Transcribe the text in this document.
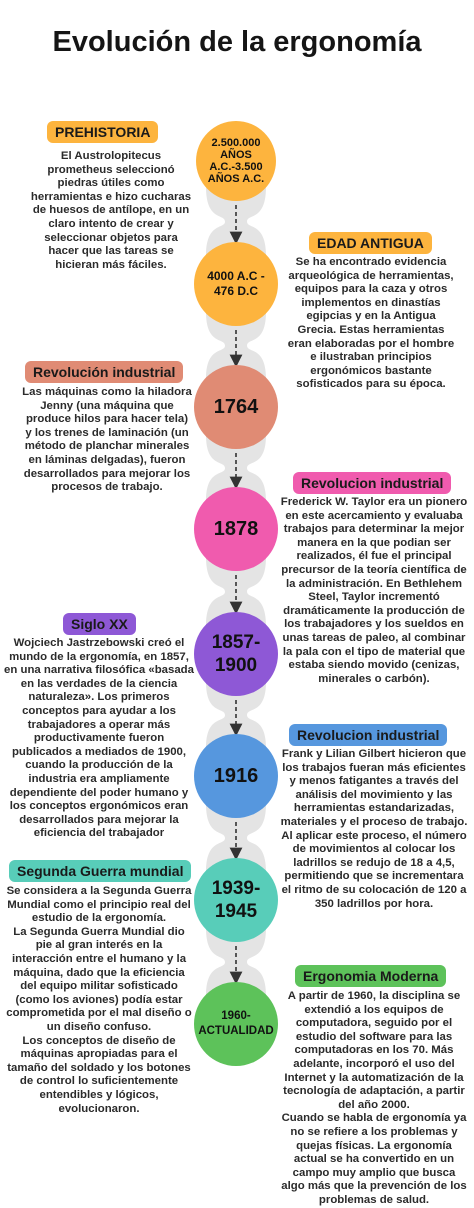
Evolución de la ergonomía
2.500.000 AÑOS A.C.-3.500 AÑOS A.C.
4000 A.C - 476 D.C
1764
1878
1857-1900
1916
1939-1945
1960-ACTUALIDAD
PREHISTORIA

El Austrolopitecus prometheus seleccionó piedras útiles como herramientas e hizo cucharas de huesos de antílope, en un claro intento de crear y seleccionar objetos para hacer que las tareas se hicieran más fáciles.

Revolución industrial

Las máquinas como la hiladora Jenny (una máquina que produce hilos para hacer tela) y los trenes de laminación (un método de planchar minerales en láminas delgadas), fueron desarrollados para mejorar los procesos de trabajo.

Siglo XX

Wojciech Jastrzebowski creó el mundo de la ergonomía, en 1857, en una narrativa filosófica «basada en las verdades de la ciencia naturaleza». Los primeros conceptos para ayudar a los trabajadores a operar más productivamente fueron publicados a mediados de 1900, cuando la producción de la industria era ampliamente dependiente del poder humano y los conceptos ergonómicos eran desarrollados para mejorar la eficiencia del trabajador

Segunda Guerra mundial

Se considera a la Segunda Guerra Mundial como el principio real del estudio de la ergonomía.
La Segunda Guerra Mundial dio pie al gran interés en la interacción entre el humano y la máquina, dado que la eficiencia del equipo militar sofisticado (como los aviones) podía estar comprometida por el mal diseño o un diseño confuso.
Los conceptos de diseño de máquinas apropiadas para el tamaño del soldado y los botones de control lo suficientemente entendibles y lógicos, evolucionaron.

EDAD ANTIGUA

Se ha encontrado evidencia arqueológica de herramientas, equipos para la caza y otros implementos en dinastías egipcias y en la Antigua Grecia. Estas herramientas eran elaboradas por el hombre e ilustraban principios ergonómicos bastante sofisticados para su época.

Revolucion industrial

Frederick W. Taylor era un pionero en este acercamiento y evaluaba trabajos para determinar la mejor manera en la que podian ser realizados, él fue el principal precursor de la teoría científica de la administración. En Bethlehem Steel, Taylor incrementó dramáticamente la producción de los trabajadores y los sueldos en unas tareas de paleo, al combinar la pala con el tipo de material que estaba siendo movido (cenizas, minerales o carbón).

Revolucion industrial

Frank y Lilian Gilbert hicieron que los trabajos fueran más eficientes y menos fatigantes a través del análisis del movimiento y las herramientas estandarizadas, materiales y el proceso de trabajo. Al aplicar este proceso, el número de movimientos al colocar los ladrillos se redujo de 18 a 4,5, permitiendo que se incrementara el ritmo de su colocación de 120 a 350 ladrillos por hora.

Ergonomia Moderna

A partir de 1960, la disciplina se extendió a los equipos de computadora, seguido por el estudio del software para las computadoras en los 70. Más adelante, incorporó el uso del Internet y la automatización de la tecnología de adaptación, a partir del año 2000.
Cuando se habla de ergonomía ya no se refiere a los problemas y quejas físicas. La ergonomía actual se ha convertido en un campo muy amplio que busca algo más que la prevención de los problemas de salud.
